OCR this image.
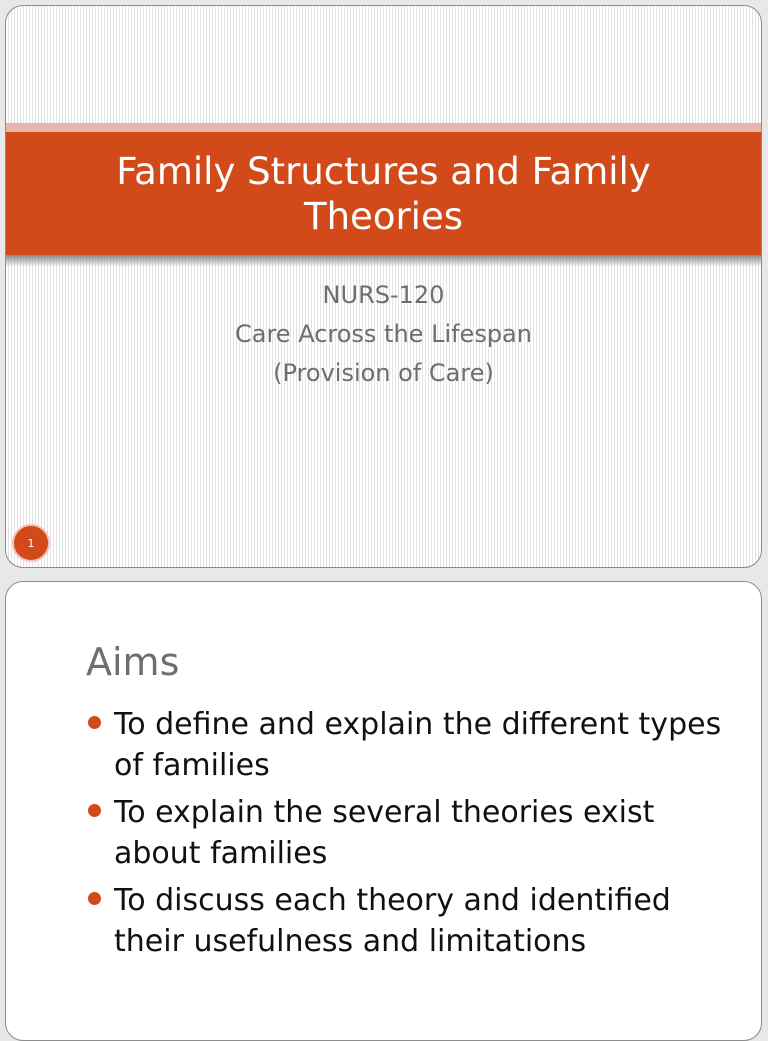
Family Structures and Family Theories
NURS-120
Care Across the Lifespan
(Provision of Care)
1
Aims
To define and explain the different types of families
To explain the several theories exist about families
To discuss each theory and identified their usefulness and limitations
